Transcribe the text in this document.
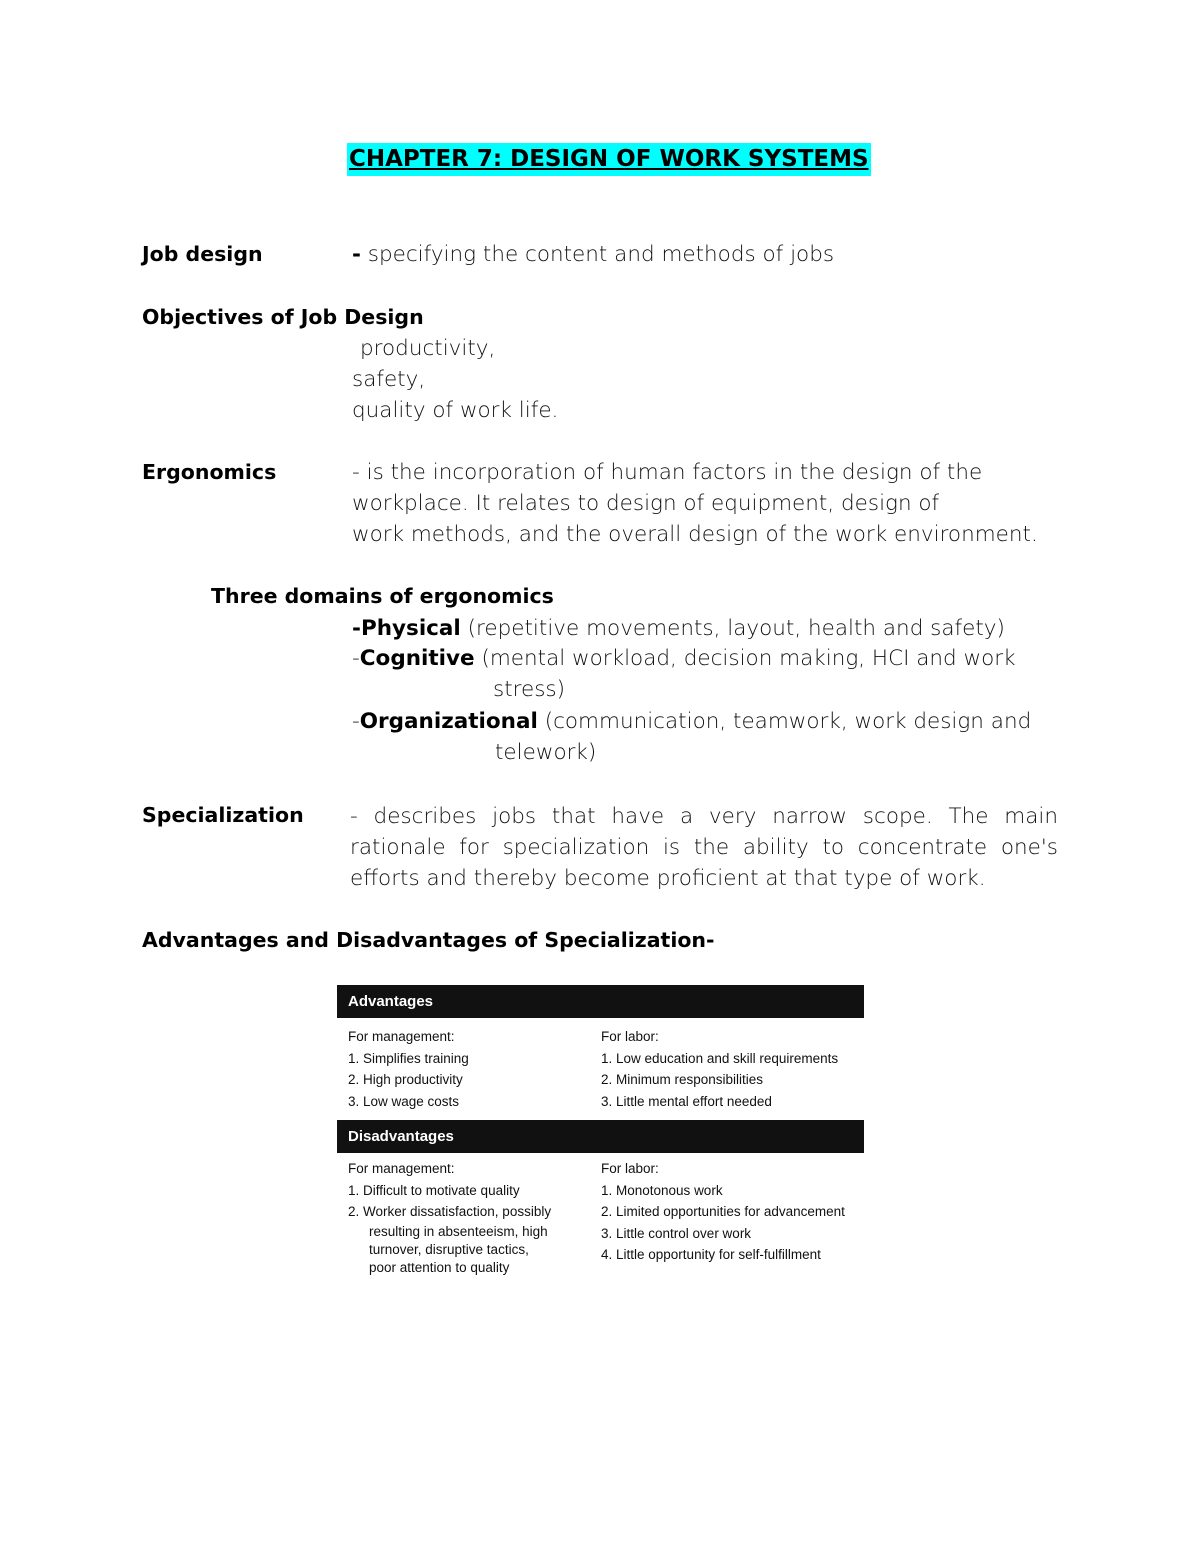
CHAPTER 7: DESIGN OF WORK SYSTEMS
Job design	- specifying the content and methods of jobs
Objectives of Job Design
productivity,
safety,
quality of work life.
Ergonomics	- is the incorporation of human factors in the design of the
workplace. It relates to design of equipment, design of
work methods, and the overall design of the work environment.
Three domains of ergonomics
-Physical (repetitive movements, layout, health and safety)
-Cognitive (mental workload, decision making, HCI and work
stress)
-Organizational (communication, teamwork, work design and
telework)
Specialization - describes jobs that have a very narrow scope. The main rationale for specialization is the ability to concentrate one's efforts and thereby become proficient at that type of work.
Advantages and Disadvantages of Specialization-
Advantages
For management:
1. Simplifies training
2. High productivity
3. Low wage costs
For labor:
1. Low education and skill requirements
2. Minimum responsibilities
3. Little mental effort needed
Disadvantages
For management:
1. Difficult to motivate quality
2. Worker dissatisfaction, possibly
resulting in absenteeism, high
turnover, disruptive tactics,
poor attention to quality
For labor:
1. Monotonous work
2. Limited opportunities for advancement
3. Little control over work
4. Little opportunity for self-fulfillment
